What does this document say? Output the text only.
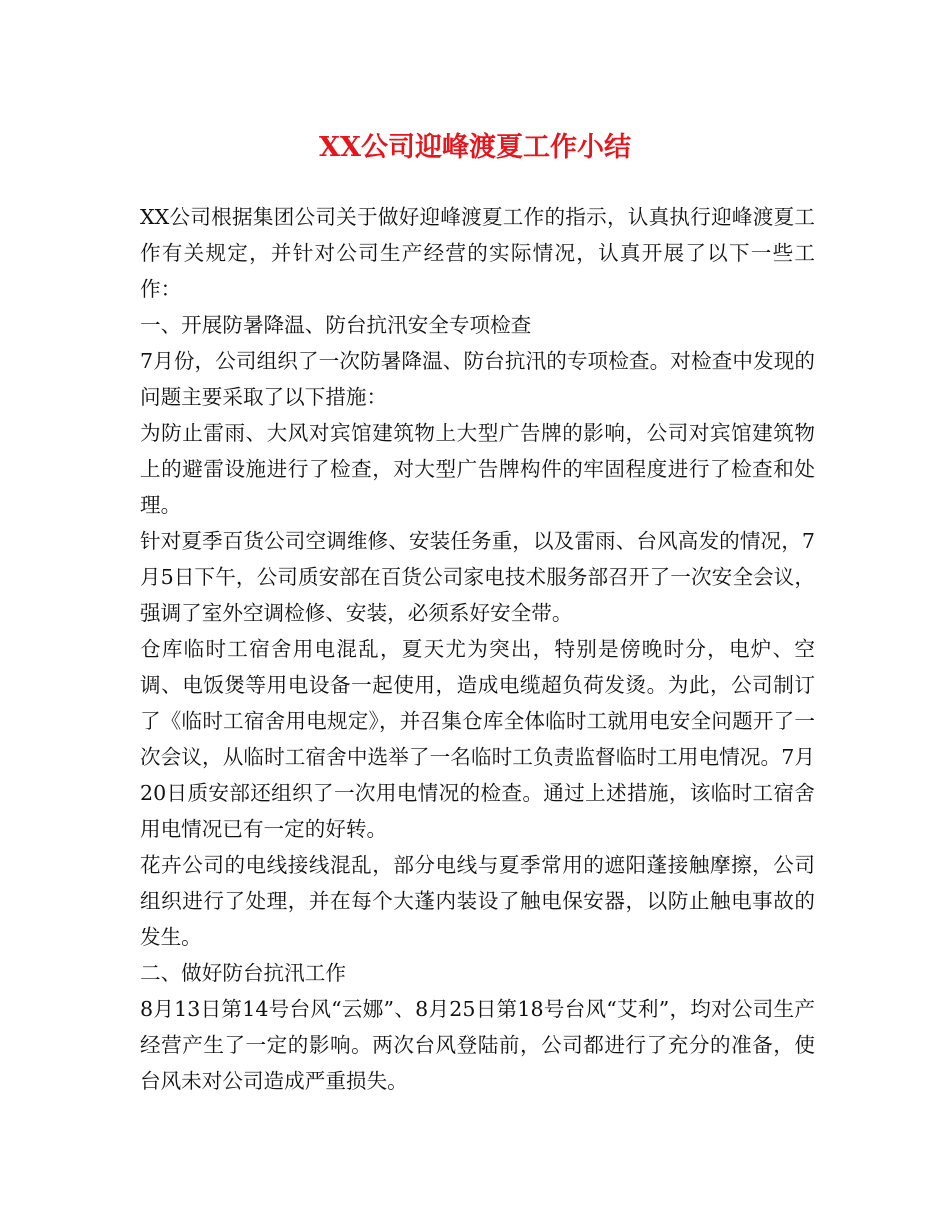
XX公司迎峰渡夏工作小结

XX公司根据集团公司关于做好迎峰渡夏工作的指示，认真执行迎峰渡夏工作有关规定，并针对公司生产经营的实际情况，认真开展了以下一些工作：

一、开展防暑降温、防台抗汛安全专项检查

7月份，公司组织了一次防暑降温、防台抗汛的专项检查。对检查中发现的问题主要采取了以下措施：

为防止雷雨、大风对宾馆建筑物上大型广告牌的影响，公司对宾馆建筑物上的避雷设施进行了检查，对大型广告牌构件的牢固程度进行了检查和处理。

针对夏季百货公司空调维修、安装任务重，以及雷雨、台风高发的情况，7月5日下午，公司质安部在百货公司家电技术服务部召开了一次安全会议，强调了室外空调检修、安装，必须系好安全带。

仓库临时工宿舍用电混乱，夏天尤为突出，特别是傍晚时分，电炉、空调、电饭煲等用电设备一起使用，造成电缆超负荷发烫。为此，公司制订了《临时工宿舍用电规定》，并召集仓库全体临时工就用电安全问题开了一次会议，从临时工宿舍中选举了一名临时工负责监督临时工用电情况。7月20日质安部还组织了一次用电情况的检查。通过上述措施，该临时工宿舍用电情况已有一定的好转。

花卉公司的电线接线混乱，部分电线与夏季常用的遮阳蓬接触摩擦，公司组织进行了处理，并在每个大蓬内装设了触电保安器，以防止触电事故的发生。

二、做好防台抗汛工作

8月13日第14号台风“云娜”、8月25日第18号台风“艾利”，均对公司生产经营产生了一定的影响。两次台风登陆前，公司都进行了充分的准备，使台风未对公司造成严重损失。
